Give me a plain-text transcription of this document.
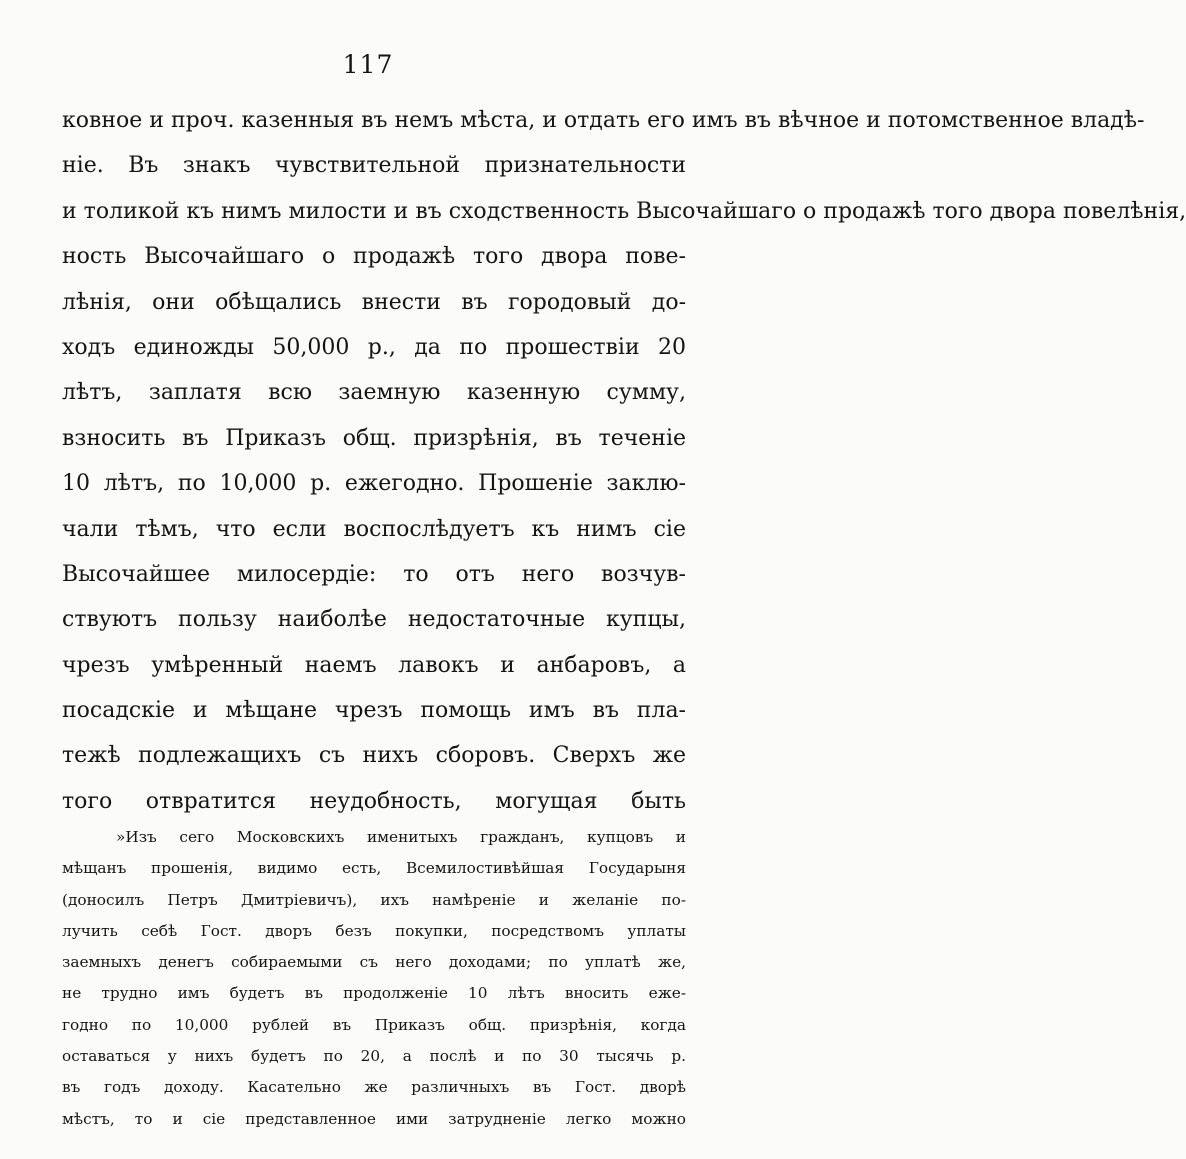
117
ковное и проч. казенныя въ немъ мѣста, и отдать его имъ въ вѣчное и потомственное владѣ-
ніе. Въ знакъ чувствительной признательности
и толикой къ нимъ милости и въ сходственность Высочайшаго о продажѣ того двора повелѣнія,
ность Высочайшаго о продажѣ того двора пове-
лѣнія, они обѣщались внести въ городовый до-
ходъ единожды 50,000 р., да по прошествіи 20
лѣтъ, заплатя всю заемную казенную сумму,
взносить въ Приказъ общ. призрѣнія, въ теченіе
10 лѣтъ, по 10,000 р. ежегодно. Прошеніе заклю-
чали тѣмъ, что если воспослѣдуетъ къ нимъ сіе
Высочайшее милосердіе: то отъ него возчув-
ствуютъ пользу наиболѣе недостаточные купцы,
чрезъ умѣренный наемъ лавокъ и анбаровъ, а
посадскіе и мѣщане чрезъ помощь имъ въ пла-
тежѣ подлежащихъ съ нихъ сборовъ. Сверхъ же
того отвратится неудобность, могущая быть
»Изъ сего Московскихъ именитыхъ гражданъ, купцовъ и
мѣщанъ прошенія, видимо есть, Всемилостивѣйшая Государыня
(доносилъ Петръ Дмитріевичъ), ихъ намѣреніе и желаніе по-
лучить себѣ Гост. дворъ безъ покупки, посредствомъ уплаты
заемныхъ денегъ собираемыми съ него доходами; по уплатѣ же,
не трудно имъ будетъ въ продолженіе 10 лѣтъ вносить еже-
годно по 10,000 рублей въ Приказъ общ. призрѣнія, когда
оставаться у нихъ будетъ по 20, а послѣ и по 30 тысячь р.
въ годъ доходу. Касательно же различныхъ въ Гост. дворѣ
мѣстъ, то и сіе представленное ими затрудненіе легко можно
